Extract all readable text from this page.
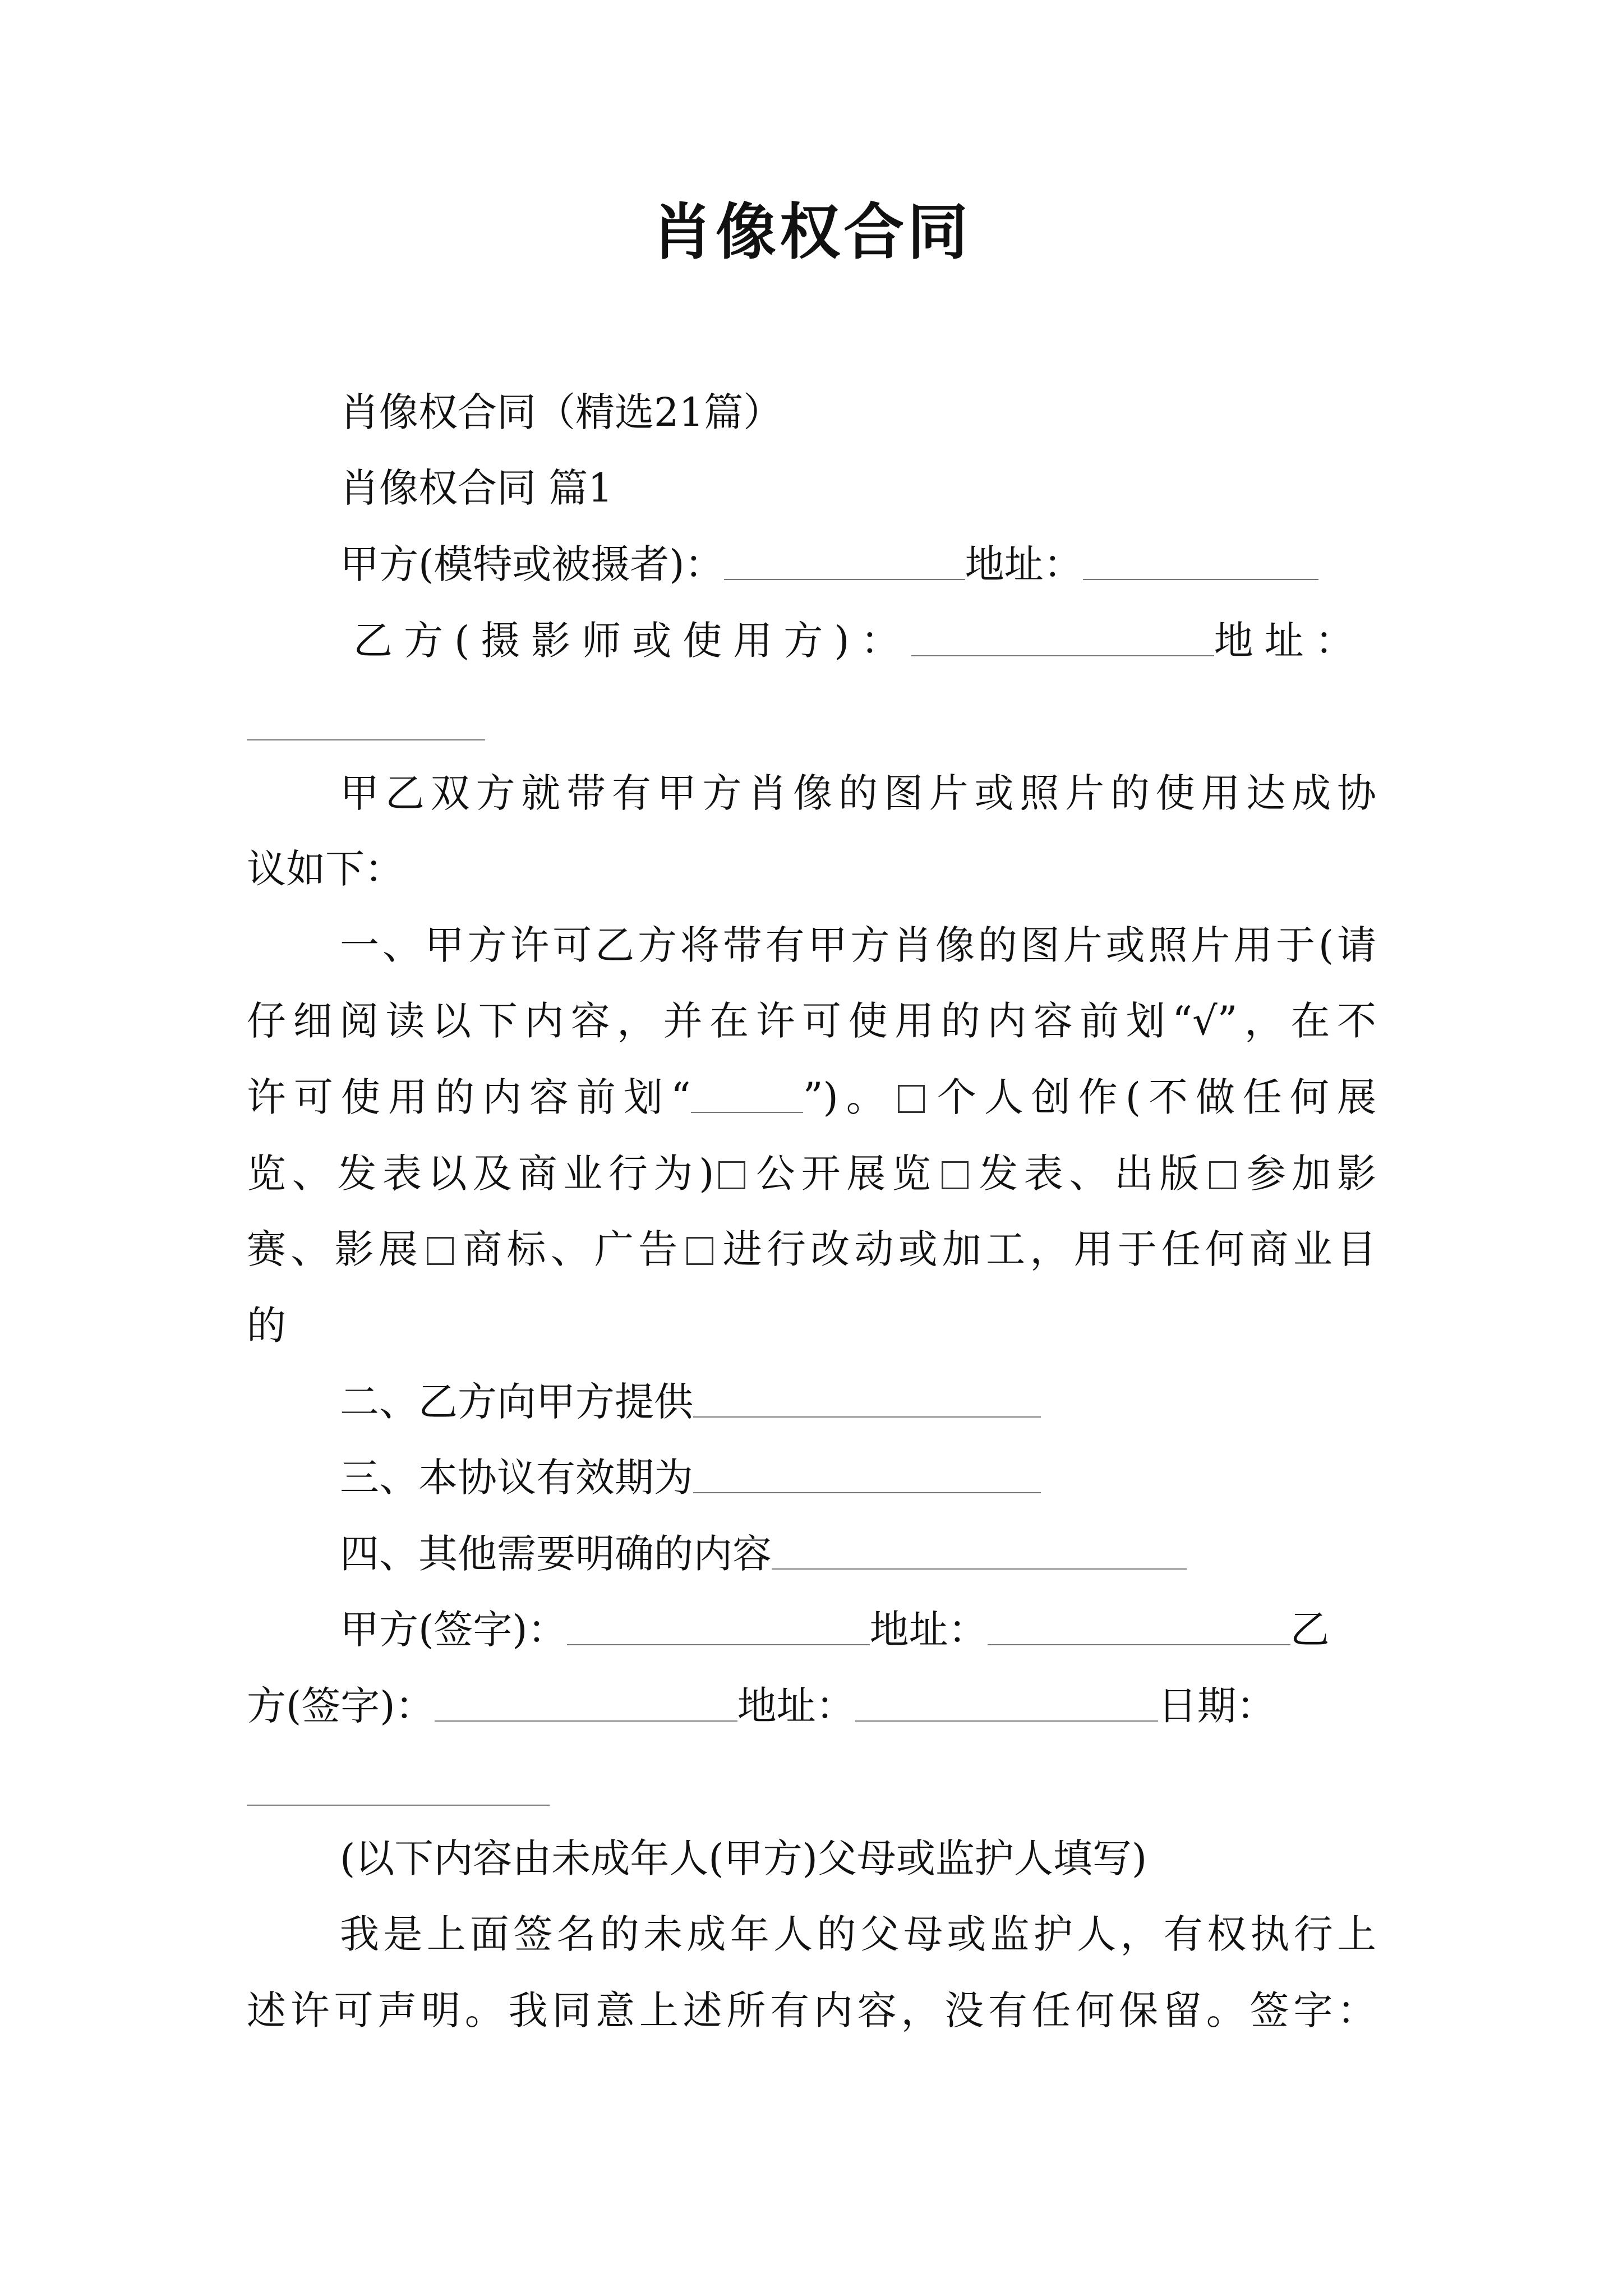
肖像权合同
肖像权合同（精选21篇）
肖像权合同 篇1
甲方(模特或被摄者)：	地址：
乙方(摄影师或使用方)：	地址：
甲乙双方就带有甲方肖像的图片或照片的使用达成协
议如下：
一、甲方许可乙方将带有甲方肖像的图片或照片用于(请
仔细阅读以下内容，并在许可使用的内容前划“√”，在不
许可使用的内容前划“	”)。 个人创作(不做任何展
览、发表以及商业行为) 公开展览 发表、出版 参加影
赛、影展 商标、广告 进行改动或加工，用于任何商业目
的
二、乙方向甲方提供
三、本协议有效期为
四、其他需要明确的内容
甲方(签字)：	地址：	乙
方(签字)：	地址：	日期：
(以下内容由未成年人(甲方)父母或监护人填写)
我是上面签名的未成年人的父母或监护人，有权执行上
述许可声明。我同意上述所有内容，没有任何保留。签字：
